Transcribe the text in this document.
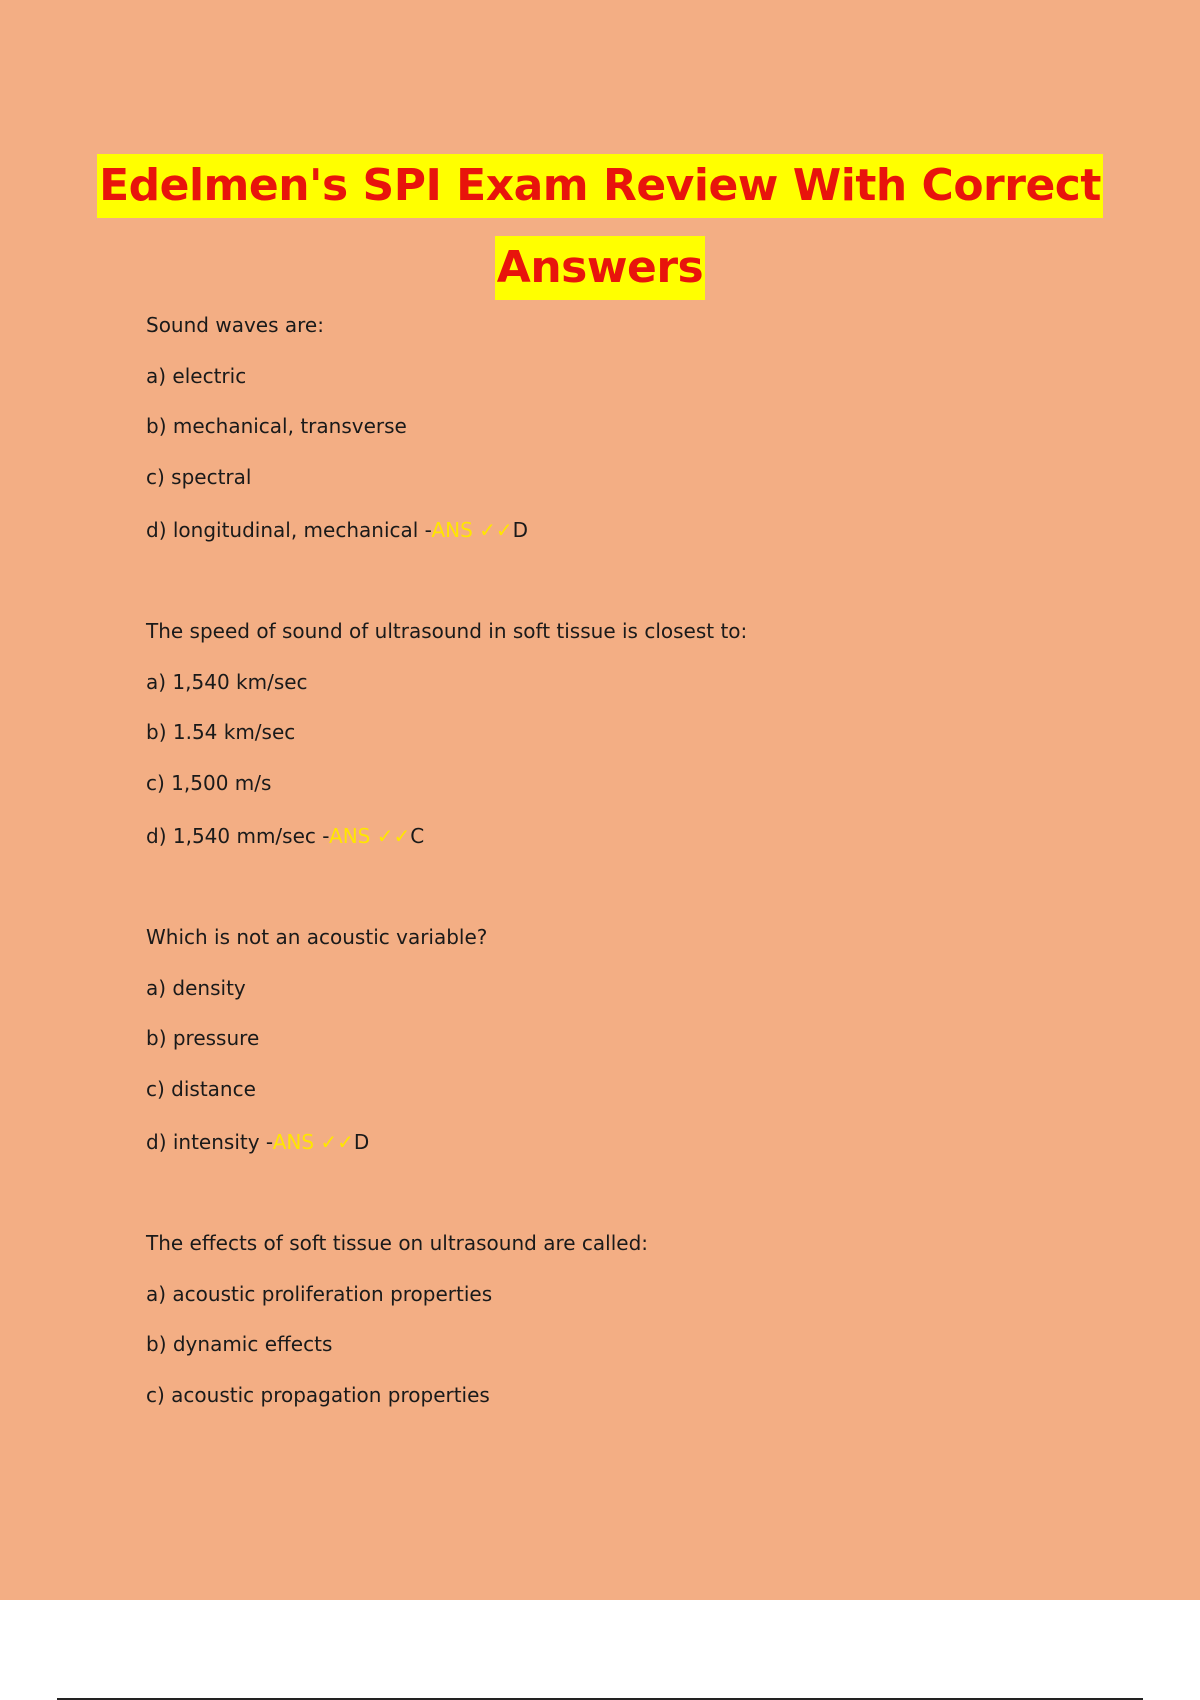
Edelmen's SPI Exam Review With Correct
Answers
Sound waves are:
a) electric
b) mechanical, transverse
c) spectral
d) longitudinal, mechanical -ANS ✓✓D
The speed of sound of ultrasound in soft tissue is closest to:
a) 1,540 km/sec
b) 1.54 km/sec
c) 1,500 m/s
d) 1,540 mm/sec -ANS ✓✓C
Which is not an acoustic variable?
a) density
b) pressure
c) distance
d) intensity -ANS ✓✓D
The effects of soft tissue on ultrasound are called:
a) acoustic proliferation properties
b) dynamic effects
c) acoustic propagation properties
